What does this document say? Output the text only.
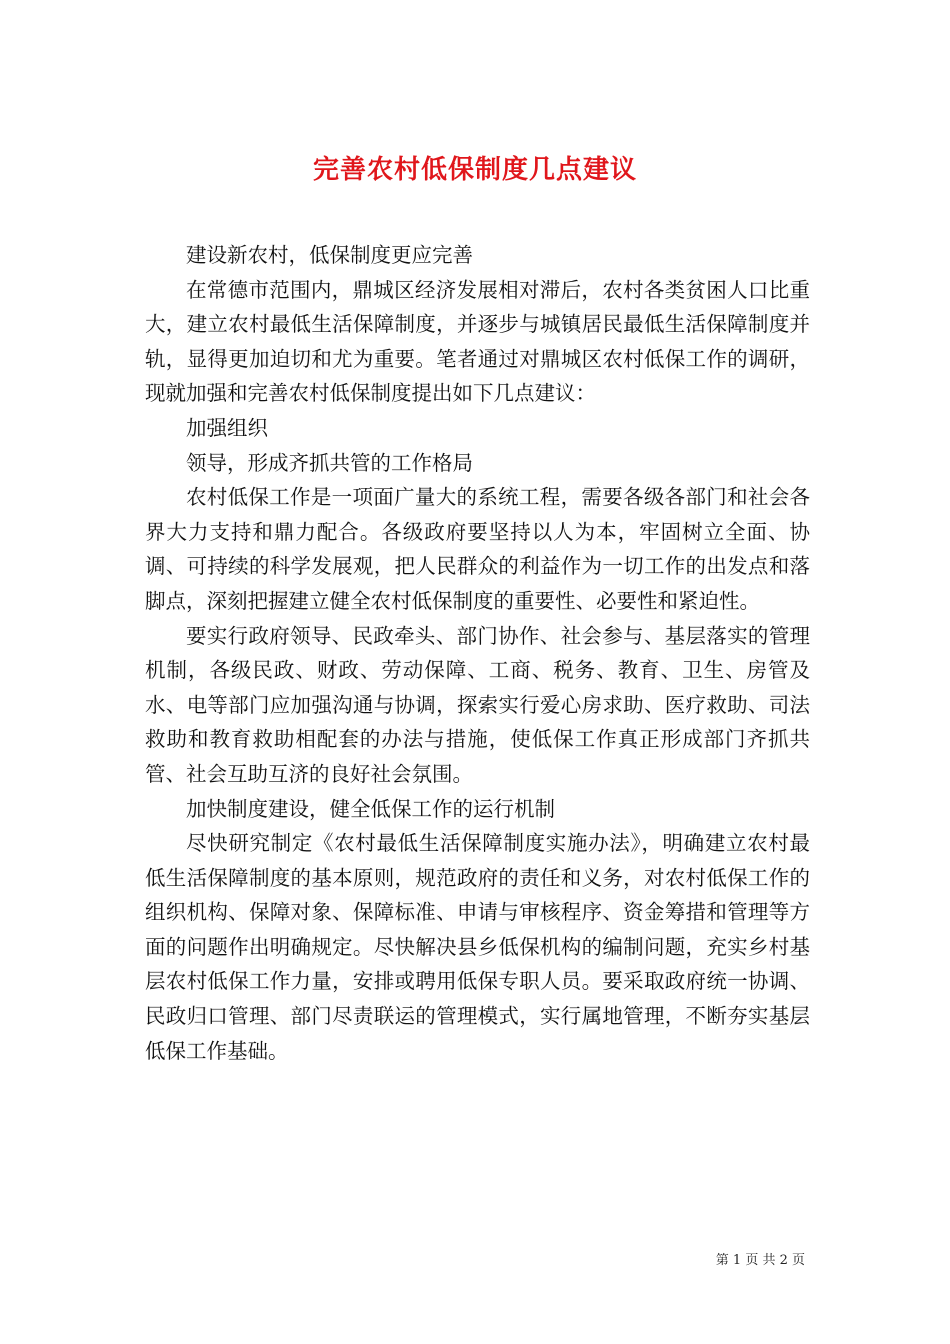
完善农村低保制度几点建议

建设新农村，低保制度更应完善

在常德市范围内，鼎城区经济发展相对滞后，农村各类贫困人口比重大，建立农村最低生活保障制度，并逐步与城镇居民最低生活保障制度并轨，显得更加迫切和尤为重要。笔者通过对鼎城区农村低保工作的调研，现就加强和完善农村低保制度提出如下几点建议：

加强组织

领导，形成齐抓共管的工作格局

农村低保工作是一项面广量大的系统工程，需要各级各部门和社会各界大力支持和鼎力配合。各级政府要坚持以人为本，牢固树立全面、协调、可持续的科学发展观，把人民群众的利益作为一切工作的出发点和落脚点，深刻把握建立健全农村低保制度的重要性、必要性和紧迫性。

要实行政府领导、民政牵头、部门协作、社会参与、基层落实的管理机制，各级民政、财政、劳动保障、工商、税务、教育、卫生、房管及水、电等部门应加强沟通与协调，探索实行爱心房求助、医疗救助、司法救助和教育救助相配套的办法与措施，使低保工作真正形成部门齐抓共管、社会互助互济的良好社会氛围。

加快制度建设，健全低保工作的运行机制

尽快研究制定《农村最低生活保障制度实施办法》，明确建立农村最低生活保障制度的基本原则，规范政府的责任和义务，对农村低保工作的组织机构、保障对象、保障标准、申请与审核程序、资金筹措和管理等方面的问题作出明确规定。尽快解决县乡低保机构的编制问题，充实乡村基层农村低保工作力量，安排或聘用低保专职人员。要采取政府统一协调、民政归口管理、部门尽责联运的管理模式，实行属地管理，不断夯实基层低保工作基础。

第 1 页 共 2 页
